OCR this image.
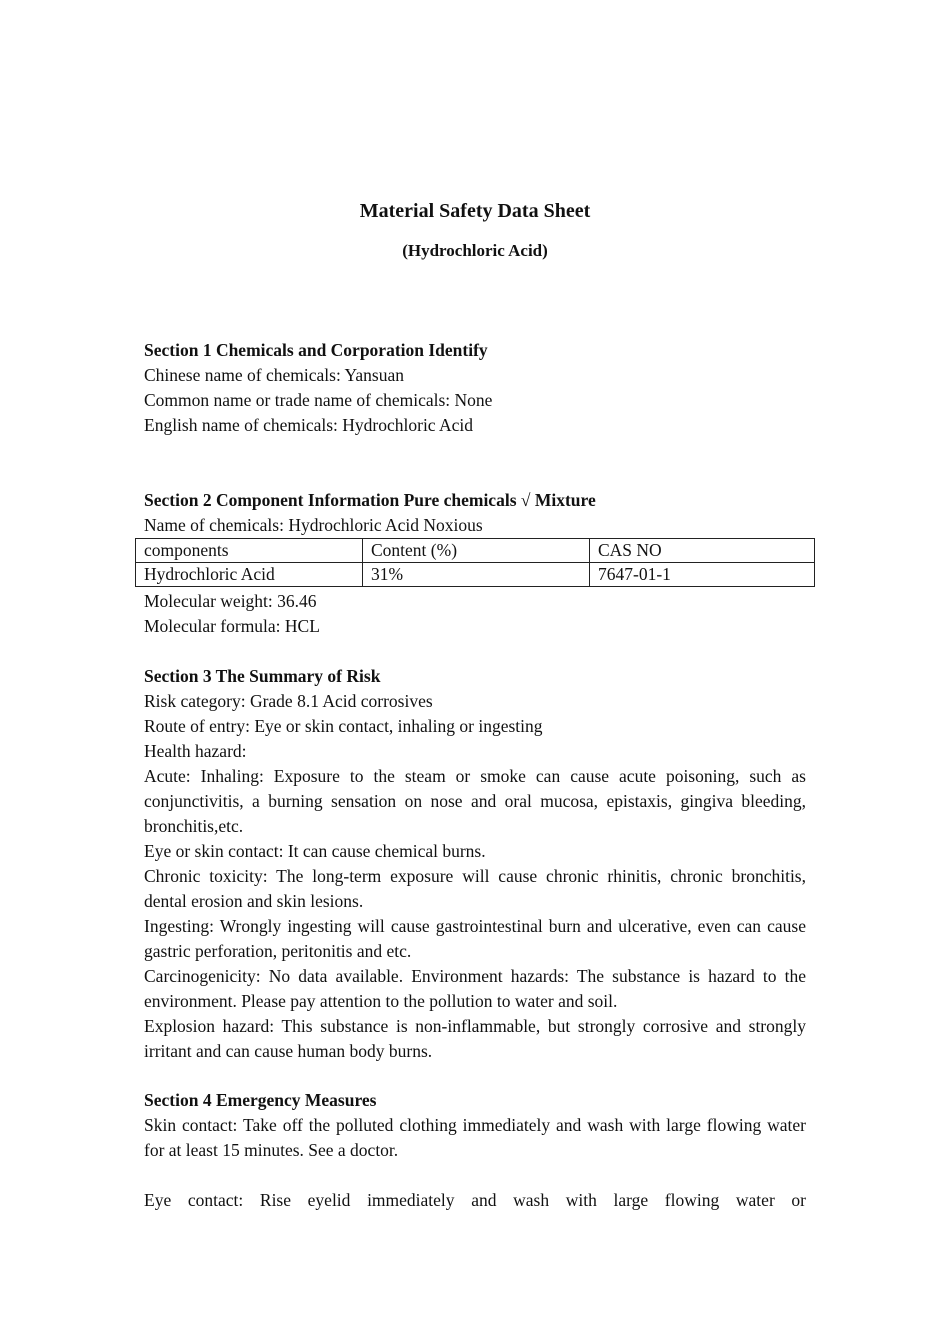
Material Safety Data Sheet
(Hydrochloric Acid)
Section 1 Chemicals and Corporation Identify
Chinese name of chemicals: Yansuan
Common name or trade name of chemicals: None
English name of chemicals: Hydrochloric Acid
Section 2 Component Information Pure chemicals √ Mixture
Name of chemicals: Hydrochloric Acid Noxious
components	Content (%)	CAS NO
Hydrochloric Acid	31%	7647-01-1
Molecular weight: 36.46
Molecular formula: HCL
Section 3 The Summary of Risk
Risk category: Grade 8.1 Acid corrosives
Route of entry: Eye or skin contact, inhaling or ingesting
Health hazard:
Acute: Inhaling: Exposure to the steam or smoke can cause acute poisoning, such as conjunctivitis, a burning sensation on nose and oral mucosa, epistaxis, gingiva bleeding, bronchitis,etc.
Eye or skin contact: It can cause chemical burns.
Chronic toxicity: The long-term exposure will cause chronic rhinitis, chronic bronchitis, dental erosion and skin lesions.
Ingesting: Wrongly ingesting will cause gastrointestinal burn and ulcerative, even can cause gastric perforation, peritonitis and etc.
Carcinogenicity: No data available. Environment hazards: The substance is hazard to the environment. Please pay attention to the pollution to water and soil.
Explosion hazard: This substance is non-inflammable, but strongly corrosive and strongly irritant and can cause human body burns.
Section 4 Emergency Measures
Skin contact: Take off the polluted clothing immediately and wash with large flowing water for at least 15 minutes. See a doctor.
Eye contact: Rise eyelid immediately and wash with large flowing water or
